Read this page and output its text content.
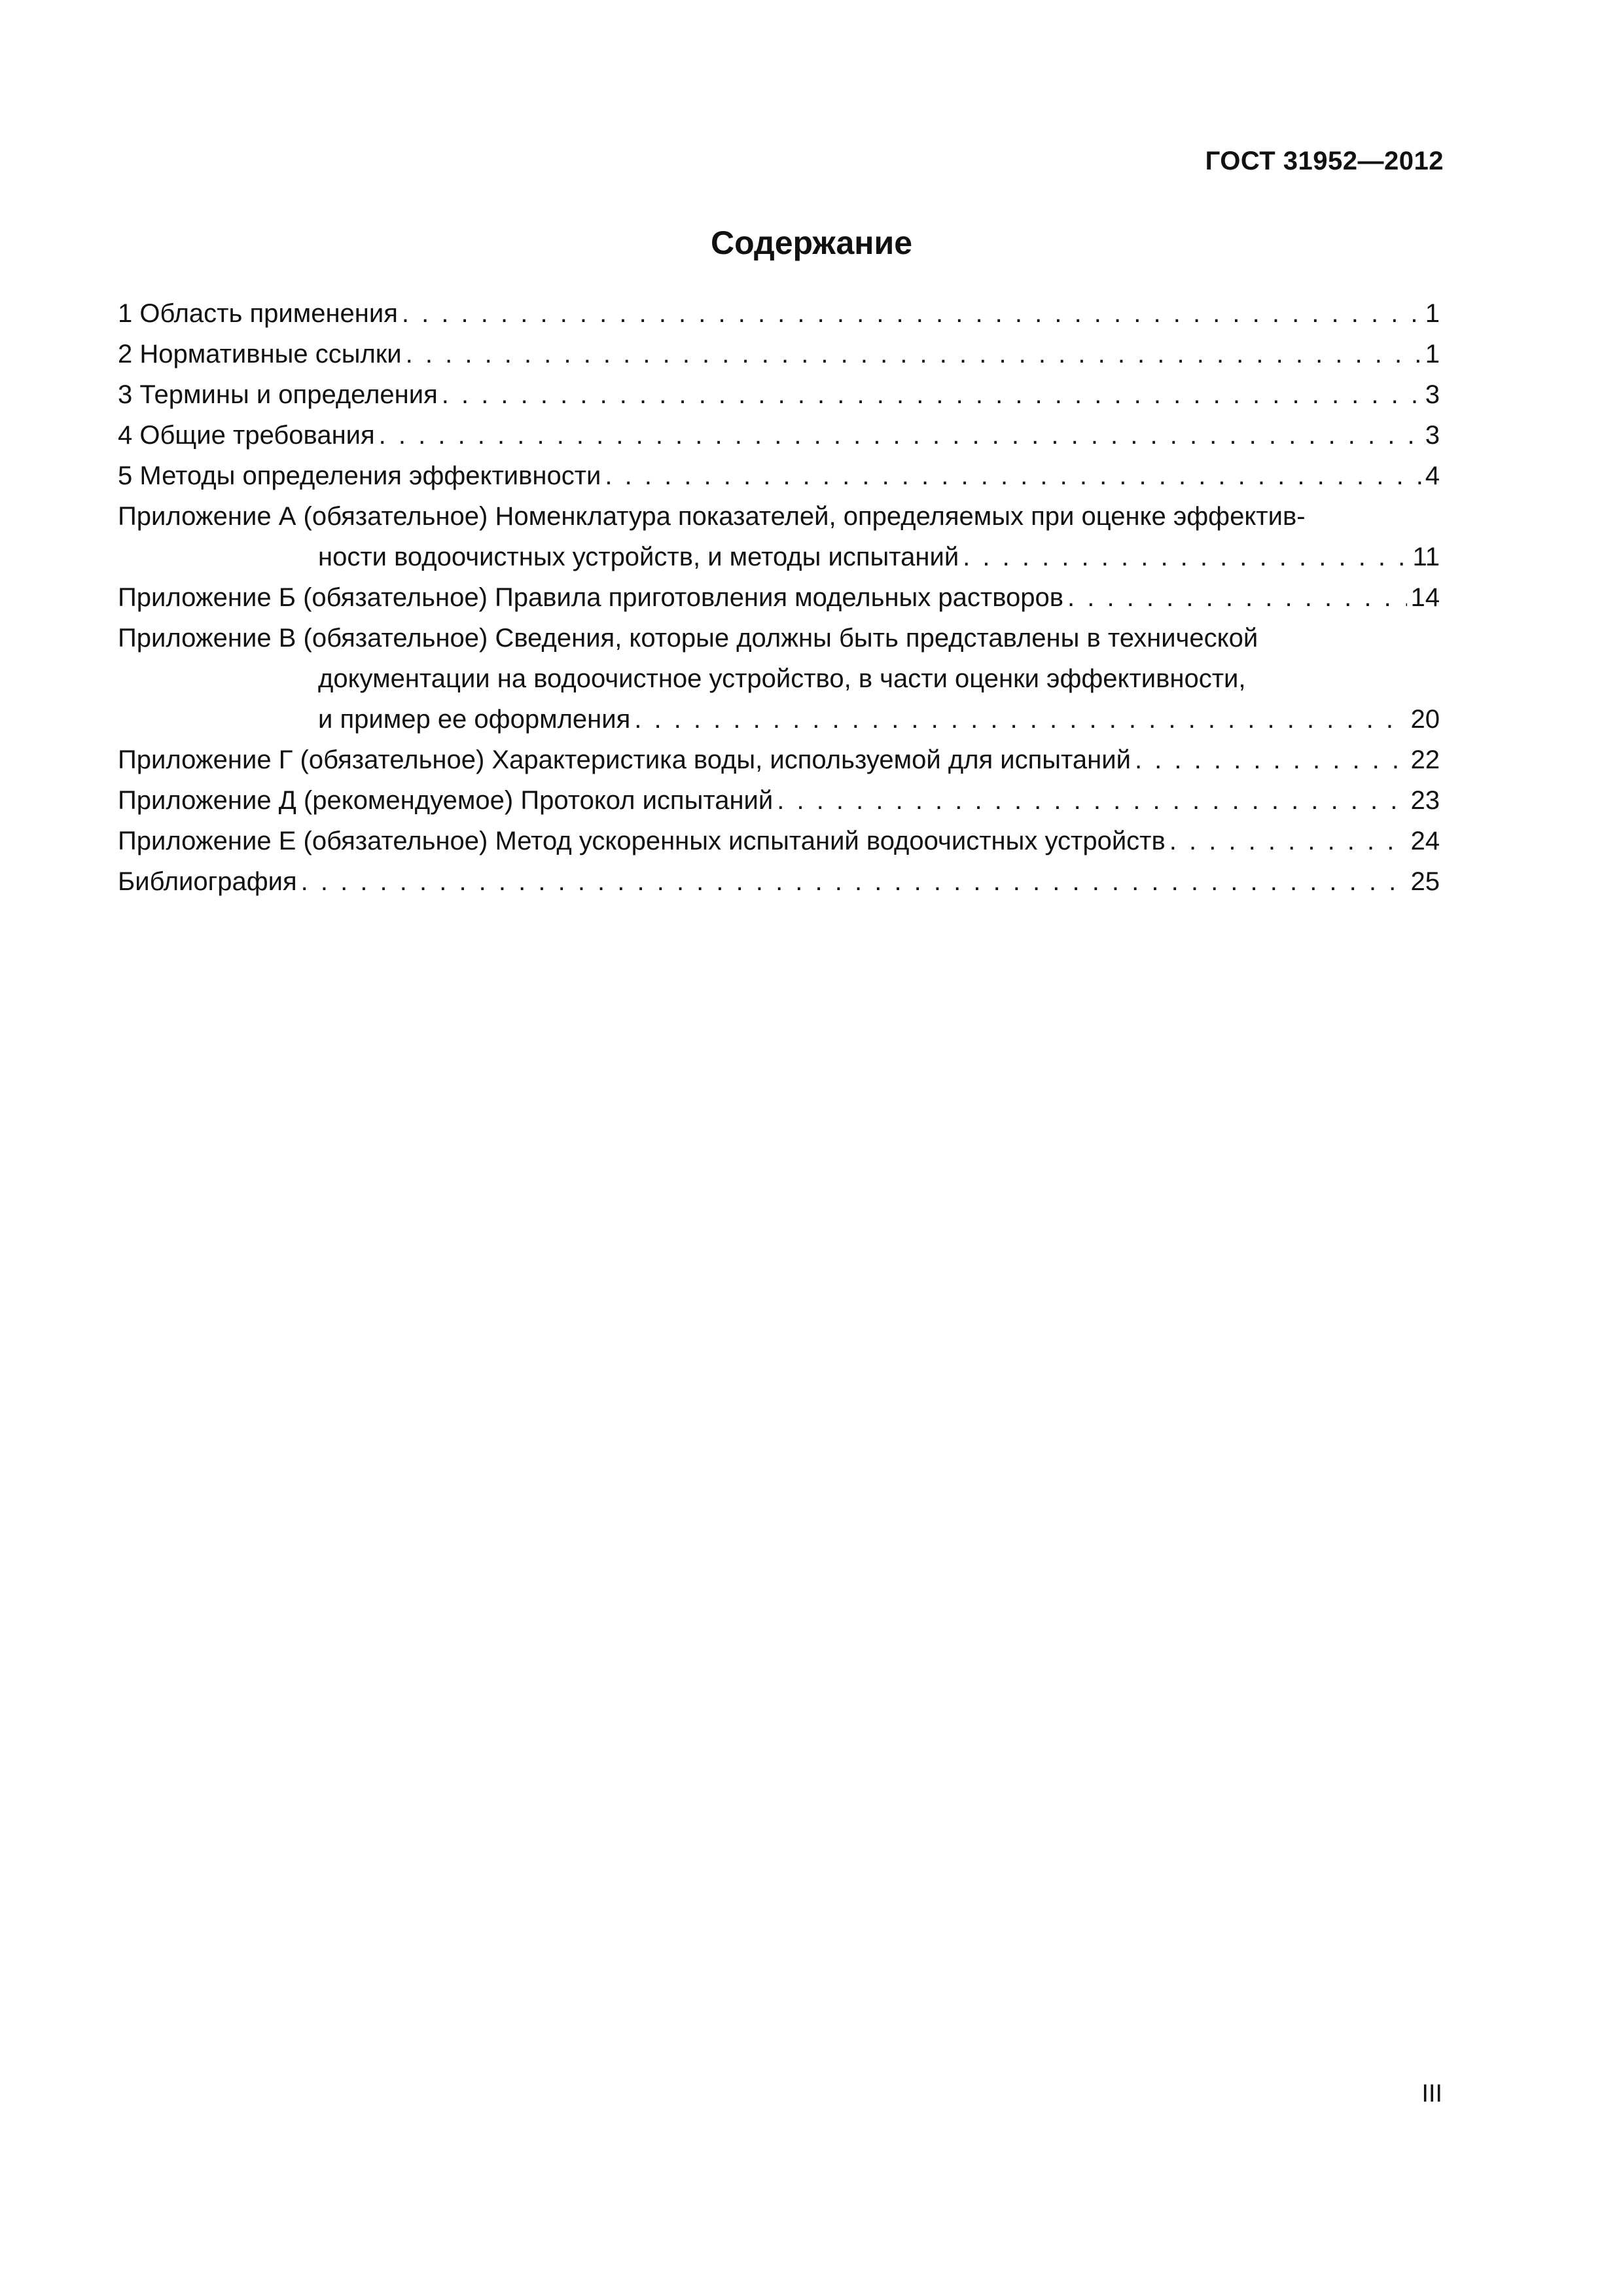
ГОСТ 31952—2012
Содержание
1 Область применения . . .	1
2 Нормативные ссылки . . .	1
3 Термины и определения . . .	3
4 Общие требования . . .	3
5 Методы определения эффективности . . .	4
Приложение А (обязательное) Номенклатура показателей, определяемых при оценке эффектив-
ности водоочистных устройств, и методы испытаний . . .	11
Приложение Б (обязательное) Правила приготовления модельных растворов . . .	14
Приложение В (обязательное) Сведения, которые должны быть представлены в технической
документации на водоочистное устройство, в части оценки эффективности,
и пример ее оформления . . .	20
Приложение Г (обязательное) Характеристика воды, используемой для испытаний . . .	22
Приложение Д (рекомендуемое) Протокол испытаний . . .	23
Приложение Е (обязательное) Метод ускоренных испытаний водоочистных устройств . . .	24
Библиография . . .	25
III
